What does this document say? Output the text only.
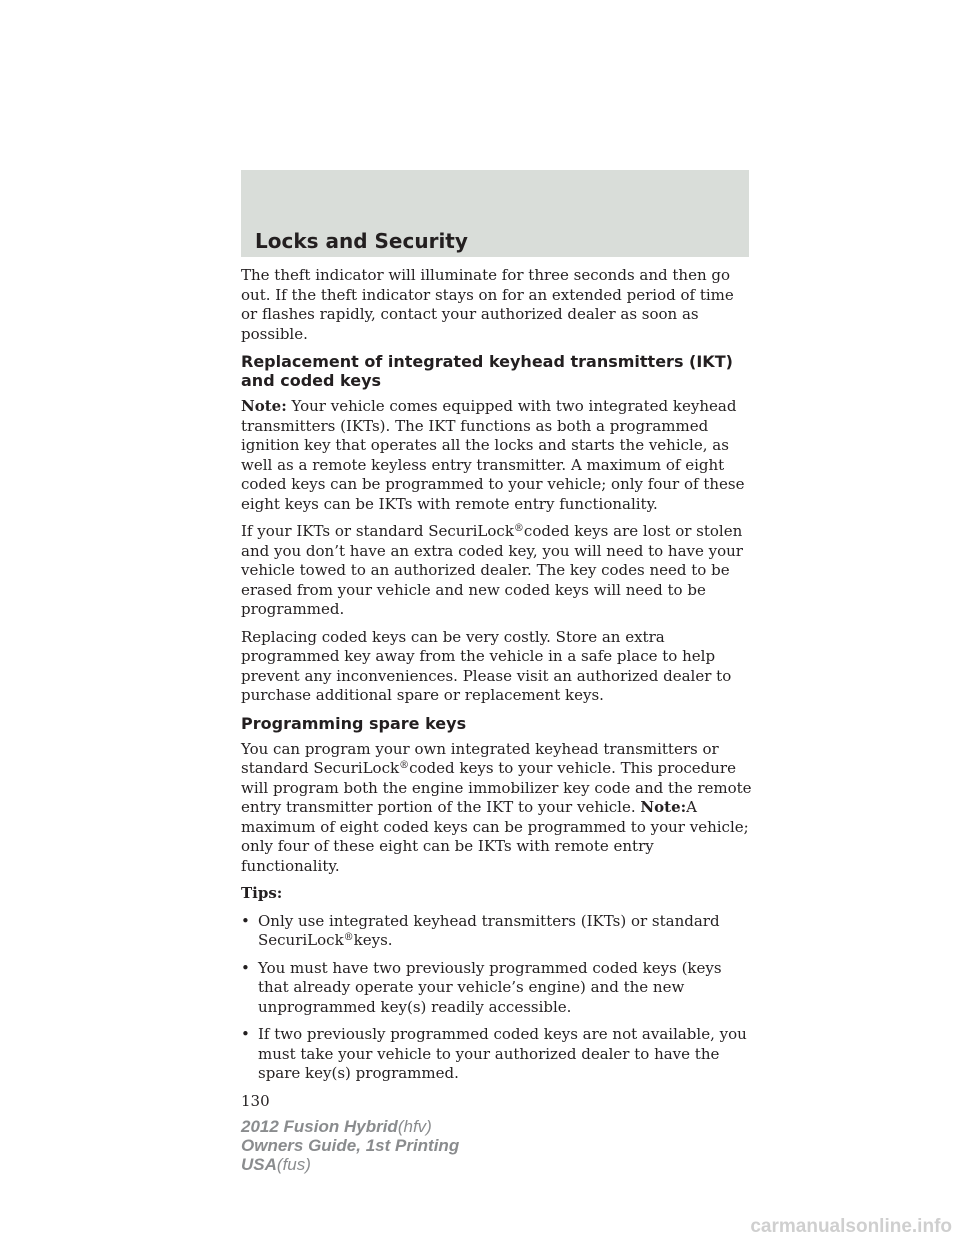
Locks and Security

The theft indicator will illuminate for three seconds and then go out. If the theft indicator stays on for an extended period of time or flashes rapidly, contact your authorized dealer as soon as possible.

Replacement of integrated keyhead transmitters (IKT) and coded keys

Note: Your vehicle comes equipped with two integrated keyhead transmitters (IKTs). The IKT functions as both a programmed ignition key that operates all the locks and starts the vehicle, as well as a remote keyless entry transmitter. A maximum of eight coded keys can be programmed to your vehicle; only four of these eight keys can be IKTs with remote entry functionality.

If your IKTs or standard SecuriLock®coded keys are lost or stolen and you don’t have an extra coded key, you will need to have your vehicle towed to an authorized dealer. The key codes need to be erased from your vehicle and new coded keys will need to be programmed.

Replacing coded keys can be very costly. Store an extra programmed key away from the vehicle in a safe place to help prevent any inconveniences. Please visit an authorized dealer to purchase additional spare or replacement keys.

Programming spare keys

You can program your own integrated keyhead transmitters or standard SecuriLock®coded keys to your vehicle. This procedure will program both the engine immobilizer key code and the remote entry transmitter portion of the IKT to your vehicle. Note:A maximum of eight coded keys can be programmed to your vehicle; only four of these eight can be IKTs with remote entry functionality.

Tips:

• Only use integrated keyhead transmitters (IKTs) or standard SecuriLock®keys.
• You must have two previously programmed coded keys (keys that already operate your vehicle’s engine) and the new unprogrammed key(s) readily accessible.
• If two previously programmed coded keys are not available, you must take your vehicle to your authorized dealer to have the spare key(s) programmed.
130
2012 Fusion Hybrid(hfv)
Owners Guide, 1st Printing
USA(fus)
carmanualsonline.info
